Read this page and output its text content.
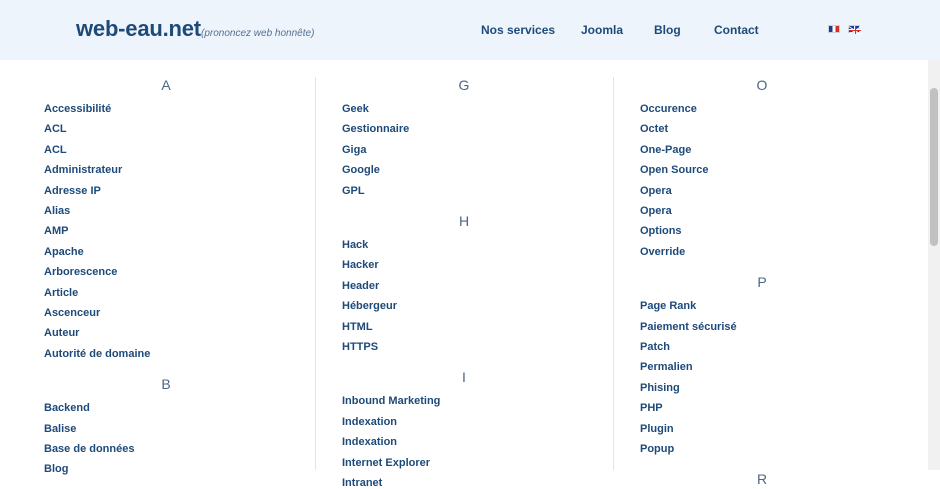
web-eau.net (prononcez web honnête)	Nos services Joomla	Blog	Contact
A
Accessibilité
ACL
ACL
Administrateur
Adresse IP
Alias
AMP
Apache
Arborescence
Article
Ascenceur
Auteur
Autorité de domaine
B
Backend
Balise
Base de données
Blog
G
Geek
Gestionnaire
Giga
Google
GPL
H
Hack
Hacker
Header
Hébergeur
HTML
HTTPS
I
Inbound Marketing
Indexation
Indexation
Internet Explorer
Intranet
O
Occurence
Octet
One-Page
Open Source
Opera
Opera
Options
Override
P
Page Rank
Paiement sécurisé
Patch
Permalien
Phising
PHP
Plugin
Popup
R
